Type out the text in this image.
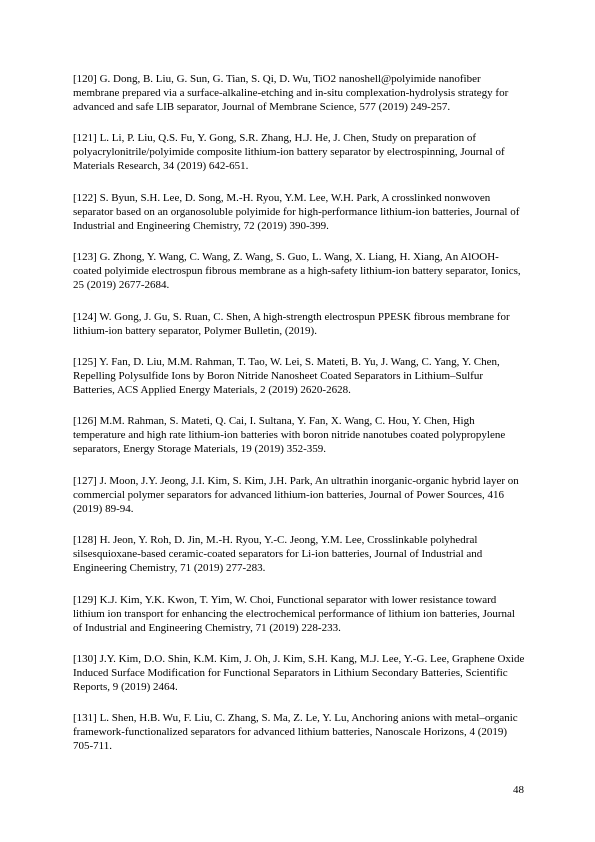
[120] G. Dong, B. Liu, G. Sun, G. Tian, S. Qi, D. Wu, TiO2 nanoshell@polyimide nanofiber membrane prepared via a surface-alkaline-etching and in-situ complexation-hydrolysis strategy for advanced and safe LIB separator, Journal of Membrane Science, 577 (2019) 249-257.

[121] L. Li, P. Liu, Q.S. Fu, Y. Gong, S.R. Zhang, H.J. He, J. Chen, Study on preparation of polyacrylonitrile/polyimide composite lithium-ion battery separator by electrospinning, Journal of Materials Research, 34 (2019) 642-651.

[122] S. Byun, S.H. Lee, D. Song, M.-H. Ryou, Y.M. Lee, W.H. Park, A crosslinked nonwoven separator based on an organosoluble polyimide for high-performance lithium-ion batteries, Journal of Industrial and Engineering Chemistry, 72 (2019) 390-399.

[123] G. Zhong, Y. Wang, C. Wang, Z. Wang, S. Guo, L. Wang, X. Liang, H. Xiang, An AlOOH-coated polyimide electrospun fibrous membrane as a high-safety lithium-ion battery separator, Ionics, 25 (2019) 2677-2684.

[124] W. Gong, J. Gu, S. Ruan, C. Shen, A high-strength electrospun PPESK fibrous membrane for lithium-ion battery separator, Polymer Bulletin, (2019).

[125] Y. Fan, D. Liu, M.M. Rahman, T. Tao, W. Lei, S. Mateti, B. Yu, J. Wang, C. Yang, Y. Chen, Repelling Polysulfide Ions by Boron Nitride Nanosheet Coated Separators in Lithium–Sulfur Batteries, ACS Applied Energy Materials, 2 (2019) 2620-2628.

[126] M.M. Rahman, S. Mateti, Q. Cai, I. Sultana, Y. Fan, X. Wang, C. Hou, Y. Chen, High temperature and high rate lithium-ion batteries with boron nitride nanotubes coated polypropylene separators, Energy Storage Materials, 19 (2019) 352-359.

[127] J. Moon, J.Y. Jeong, J.I. Kim, S. Kim, J.H. Park, An ultrathin inorganic-organic hybrid layer on commercial polymer separators for advanced lithium-ion batteries, Journal of Power Sources, 416 (2019) 89-94.

[128] H. Jeon, Y. Roh, D. Jin, M.-H. Ryou, Y.-C. Jeong, Y.M. Lee, Crosslinkable polyhedral silsesquioxane-based ceramic-coated separators for Li-ion batteries, Journal of Industrial and Engineering Chemistry, 71 (2019) 277-283.

[129] K.J. Kim, Y.K. Kwon, T. Yim, W. Choi, Functional separator with lower resistance toward lithium ion transport for enhancing the electrochemical performance of lithium ion batteries, Journal of Industrial and Engineering Chemistry, 71 (2019) 228-233.

[130] J.Y. Kim, D.O. Shin, K.M. Kim, J. Oh, J. Kim, S.H. Kang, M.J. Lee, Y.-G. Lee, Graphene Oxide Induced Surface Modification for Functional Separators in Lithium Secondary Batteries, Scientific Reports, 9 (2019) 2464.

[131] L. Shen, H.B. Wu, F. Liu, C. Zhang, S. Ma, Z. Le, Y. Lu, Anchoring anions with metal–organic framework-functionalized separators for advanced lithium batteries, Nanoscale Horizons, 4 (2019) 705-711.

48
